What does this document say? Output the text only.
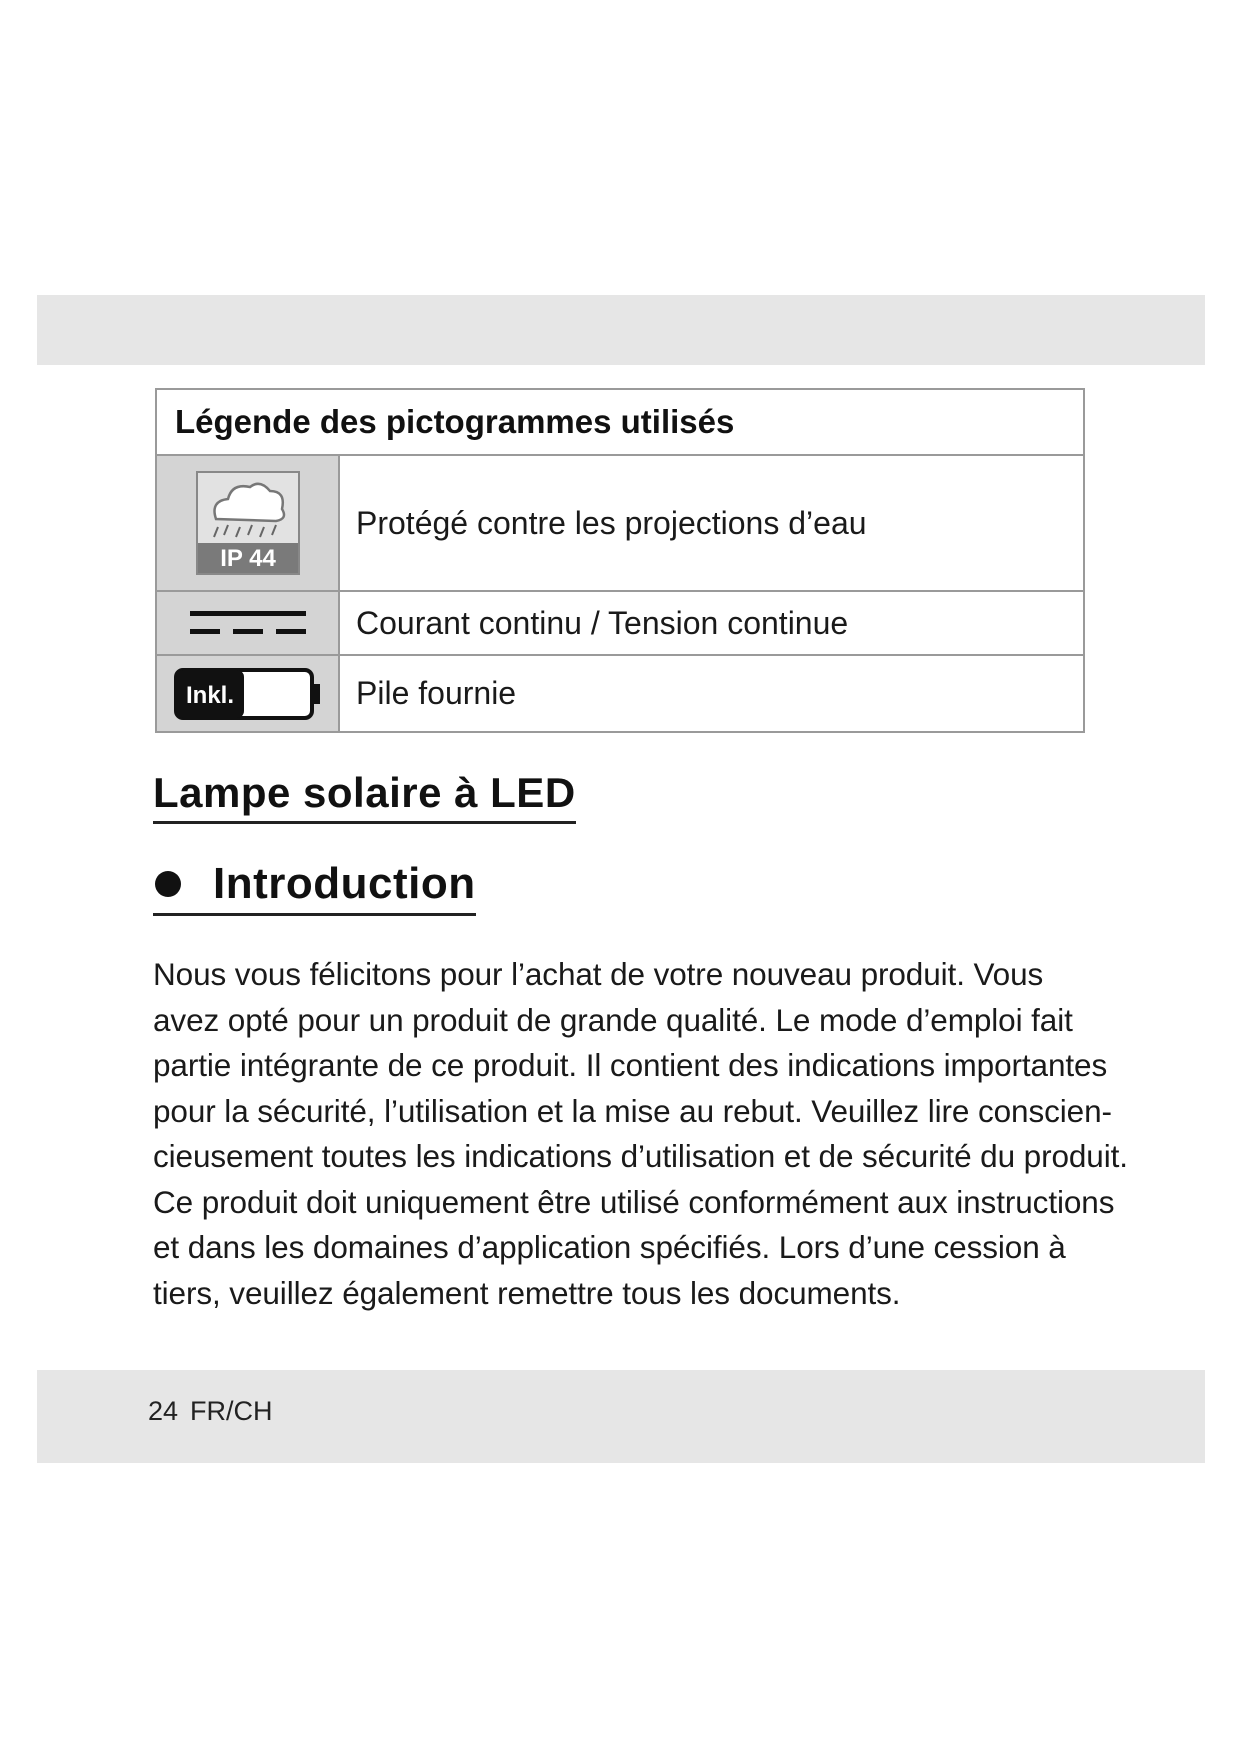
Légende des pictogrammes utilisés
IP 44
Protégé contre les projections d’eau
Courant continu / Tension continue
Inkl.	Pile fournie
Lampe solaire à LED
Introduction

Nous vous félicitons pour l’achat de votre nouveau produit. Vous
avez opté pour un produit de grande qualité. Le mode d’emploi fait
partie intégrante de ce produit. Il contient des indications importantes
pour la sécurité, l’utilisation et la mise au rebut. Veuillez lire conscien-
cieusement toutes les indications d’utilisation et de sécurité du produit.
Ce produit doit uniquement être utilisé conformément aux instructions
et dans les domaines d’application spécifiés. Lors d’une cession à
tiers, veuillez également remettre tous les documents.

24 FR/CH
